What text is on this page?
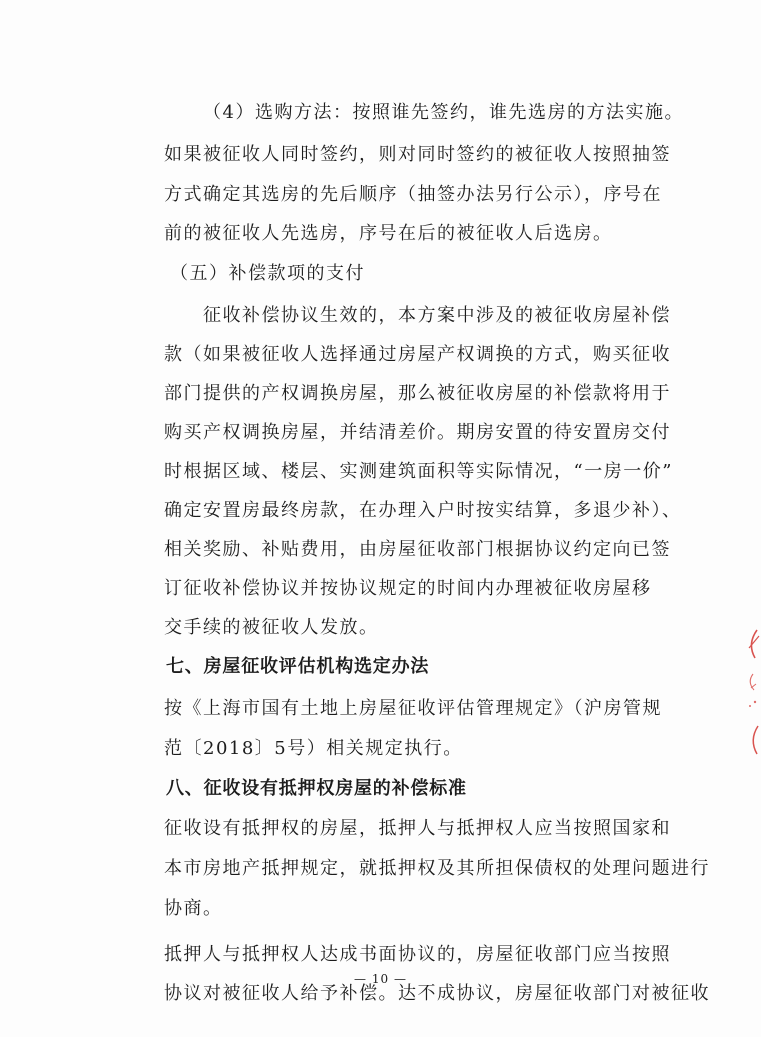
（4）选购方法：按照谁先签约，谁先选房的方法实施。
如果被征收人同时签约，则对同时签约的被征收人按照抽签
方式确定其选房的先后顺序（抽签办法另行公示），序号在
前的被征收人先选房，序号在后的被征收人后选房。
（五）补偿款项的支付
征收补偿协议生效的，本方案中涉及的被征收房屋补偿
款（如果被征收人选择通过房屋产权调换的方式，购买征收
部门提供的产权调换房屋，那么被征收房屋的补偿款将用于
购买产权调换房屋，并结清差价。期房安置的待安置房交付
时根据区域、楼层、实测建筑面积等实际情况，“一房一价”
确定安置房最终房款，在办理入户时按实结算，多退少补）、
相关奖励、补贴费用，由房屋征收部门根据协议约定向已签
订征收补偿协议并按协议规定的时间内办理被征收房屋移
交手续的被征收人发放。
七、房屋征收评估机构选定办法
按《上海市国有土地上房屋征收评估管理规定》（沪房管规
范〔2018〕5号）相关规定执行。
八、征收设有抵押权房屋的补偿标准
征收设有抵押权的房屋，抵押人与抵押权人应当按照国家和
本市房地产抵押规定，就抵押权及其所担保债权的处理问题进行
协商。
抵押人与抵押权人达成书面协议的，房屋征收部门应当按照
协议对被征收人给予补偿。达不成协议，房屋征收部门对被征收
— 10 —
